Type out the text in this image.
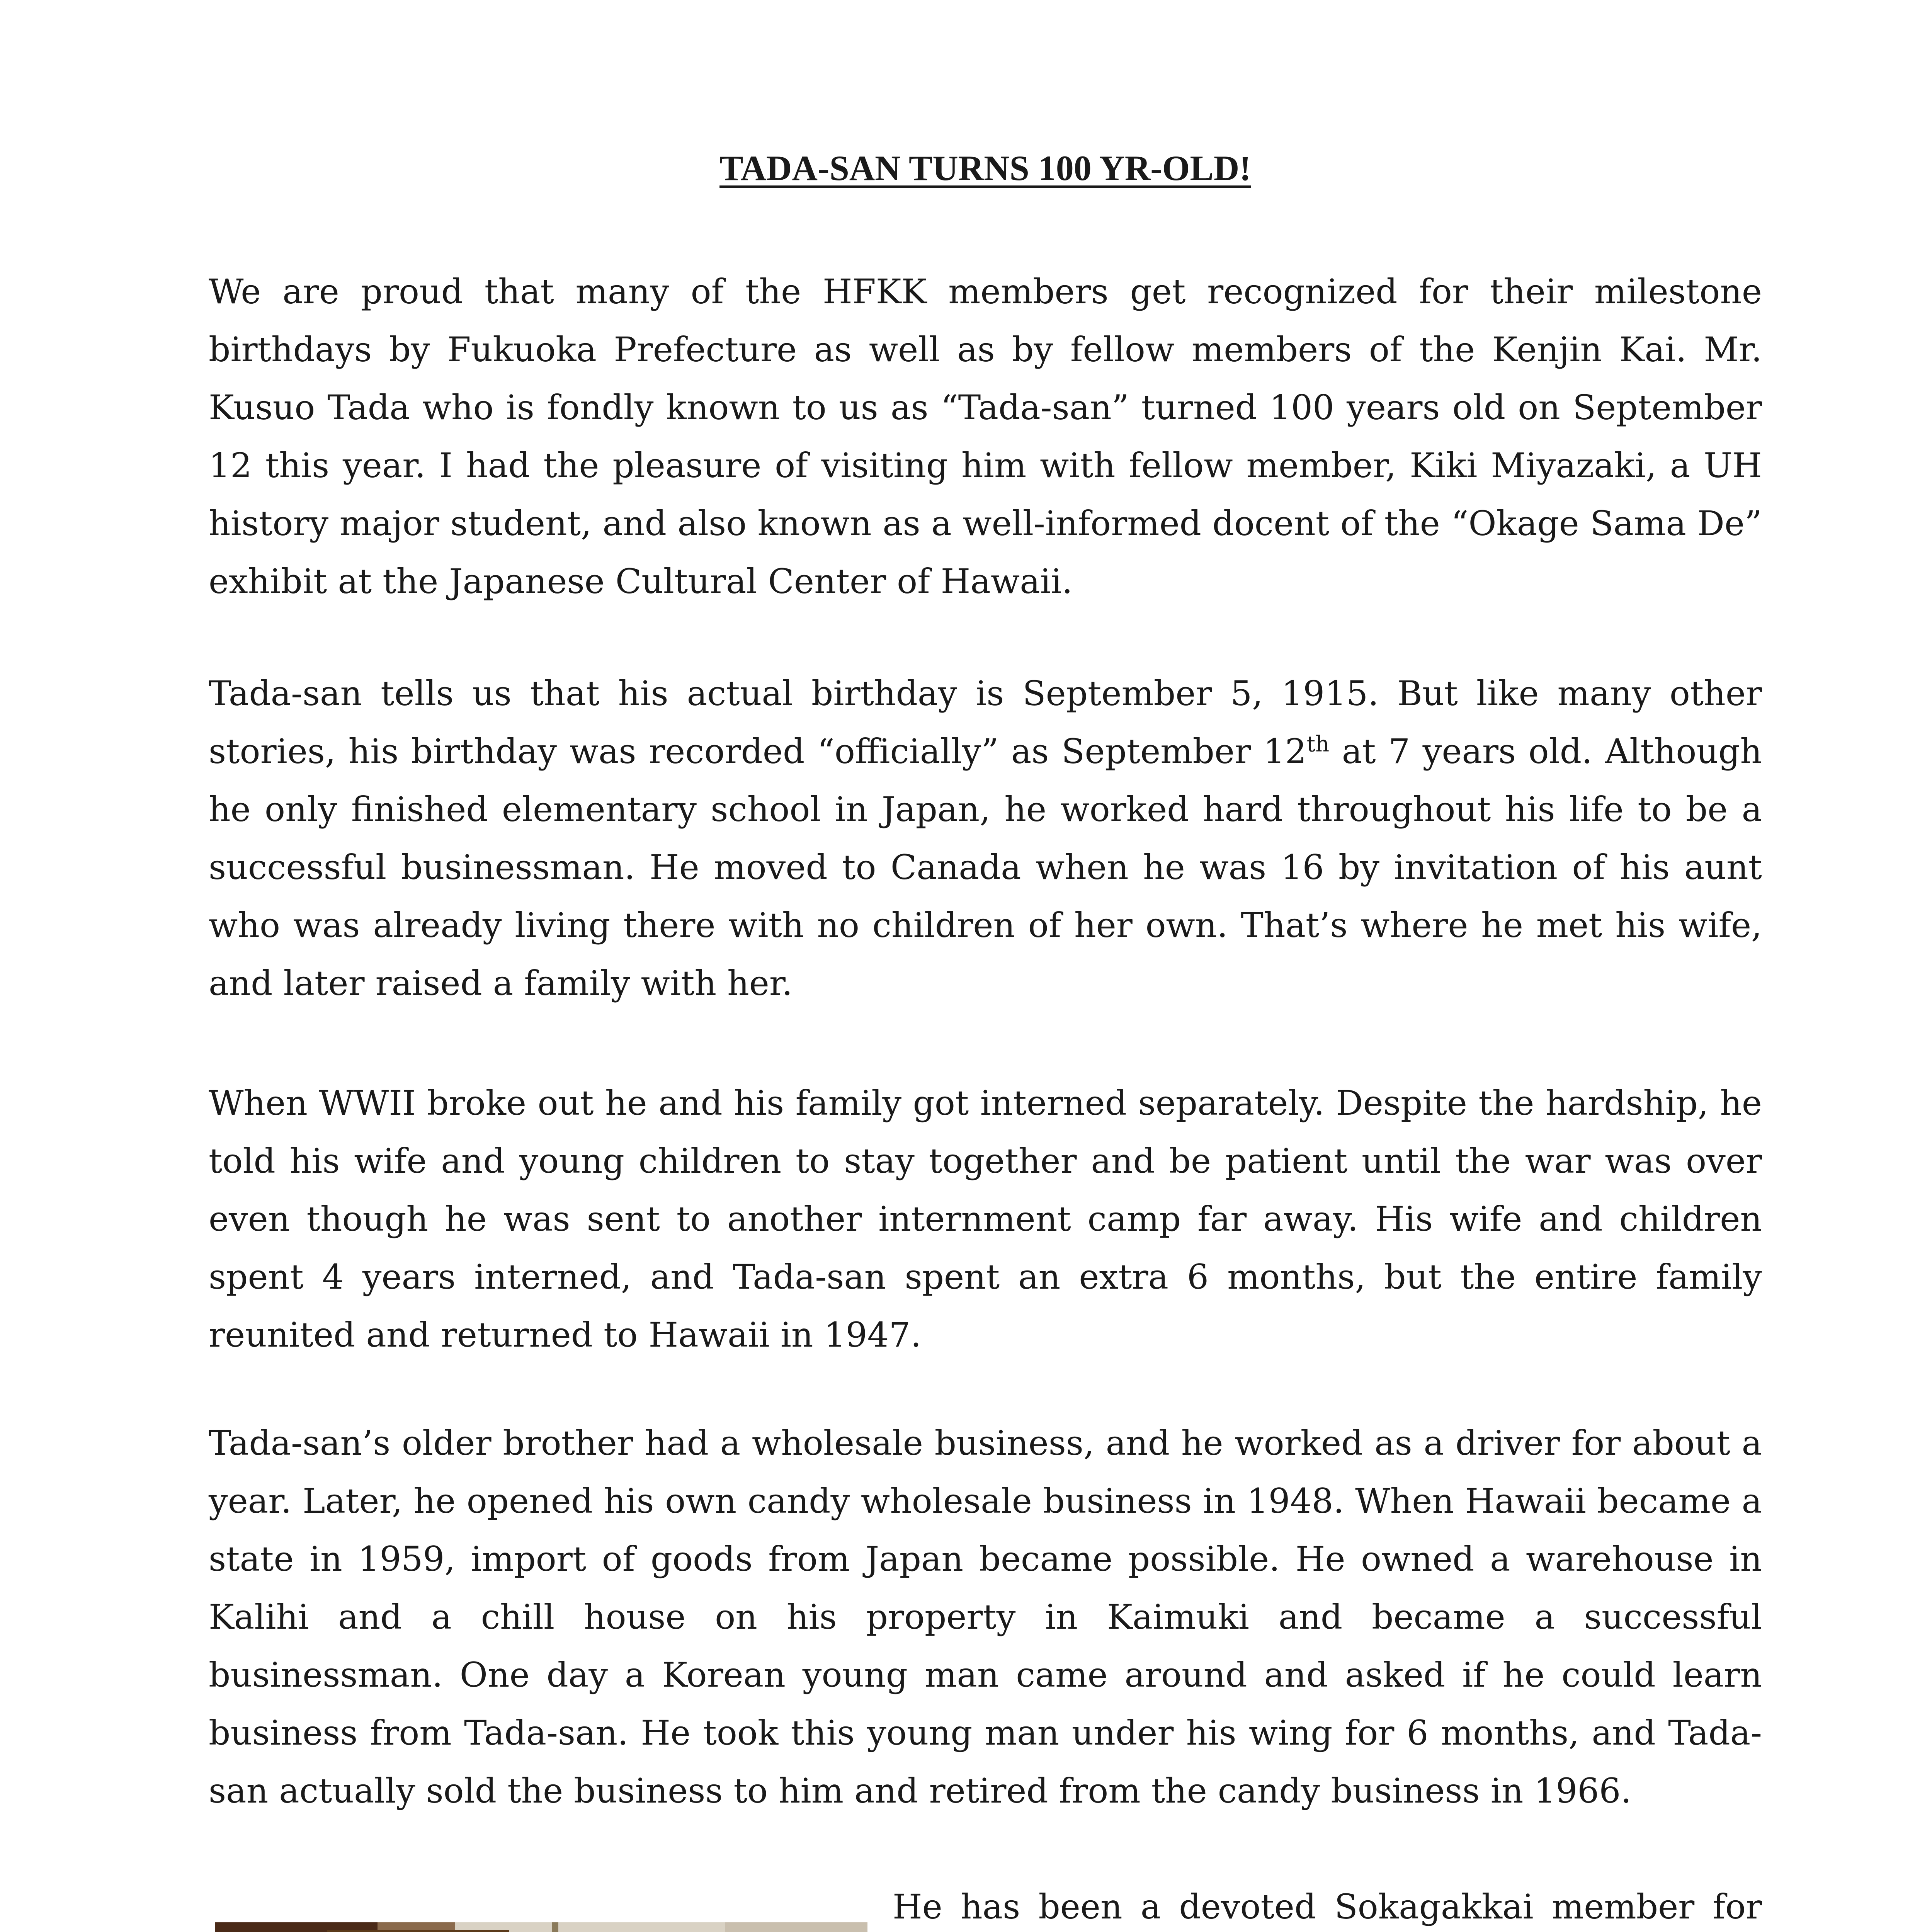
TADA-SAN TURNS 100 YR-OLD!

We are proud that many of the HFKK members get recognized for their milestone birthdays by Fukuoka Prefecture as well as by fellow members of the Kenjin Kai. Mr. Kusuo Tada who is fondly known to us as “Tada-san” turned 100 years old on September 12 this year. I had the pleasure of visiting him with fellow member, Kiki Miyazaki, a UH history major student, and also known as a well-informed docent of the “Okage Sama De” exhibit at the Japanese Cultural Center of Hawaii.

Tada-san tells us that his actual birthday is September 5, 1915. But like many other stories, his birthday was recorded “officially” as September 12th at 7 years old. Although he only finished elementary school in Japan, he worked hard throughout his life to be a successful businessman. He moved to Canada when he was 16 by invitation of his aunt who was already living there with no children of her own. That’s where he met his wife, and later raised a family with her.

When WWII broke out he and his family got interned separately. Despite the hardship, he told his wife and young children to stay together and be patient until the war was over even though he was sent to another internment camp far away. His wife and children spent 4 years interned, and Tada-san spent an extra 6 months, but the entire family reunited and returned to Hawaii in 1947.

Tada-san’s older brother had a wholesale business, and he worked as a driver for about a year. Later, he opened his own candy wholesale business in 1948. When Hawaii became a state in 1959, import of goods from Japan became possible. He owned a warehouse in Kalihi and a chill house on his property in Kaimuki and became a successful businessman. One day a Korean young man came around and asked if he could learn business from Tada-san. He took this young man under his wing for 6 months, and Tada-san actually sold the business to him and retired from the candy business in 1966.

He has been a devoted Sokagakkai member for
